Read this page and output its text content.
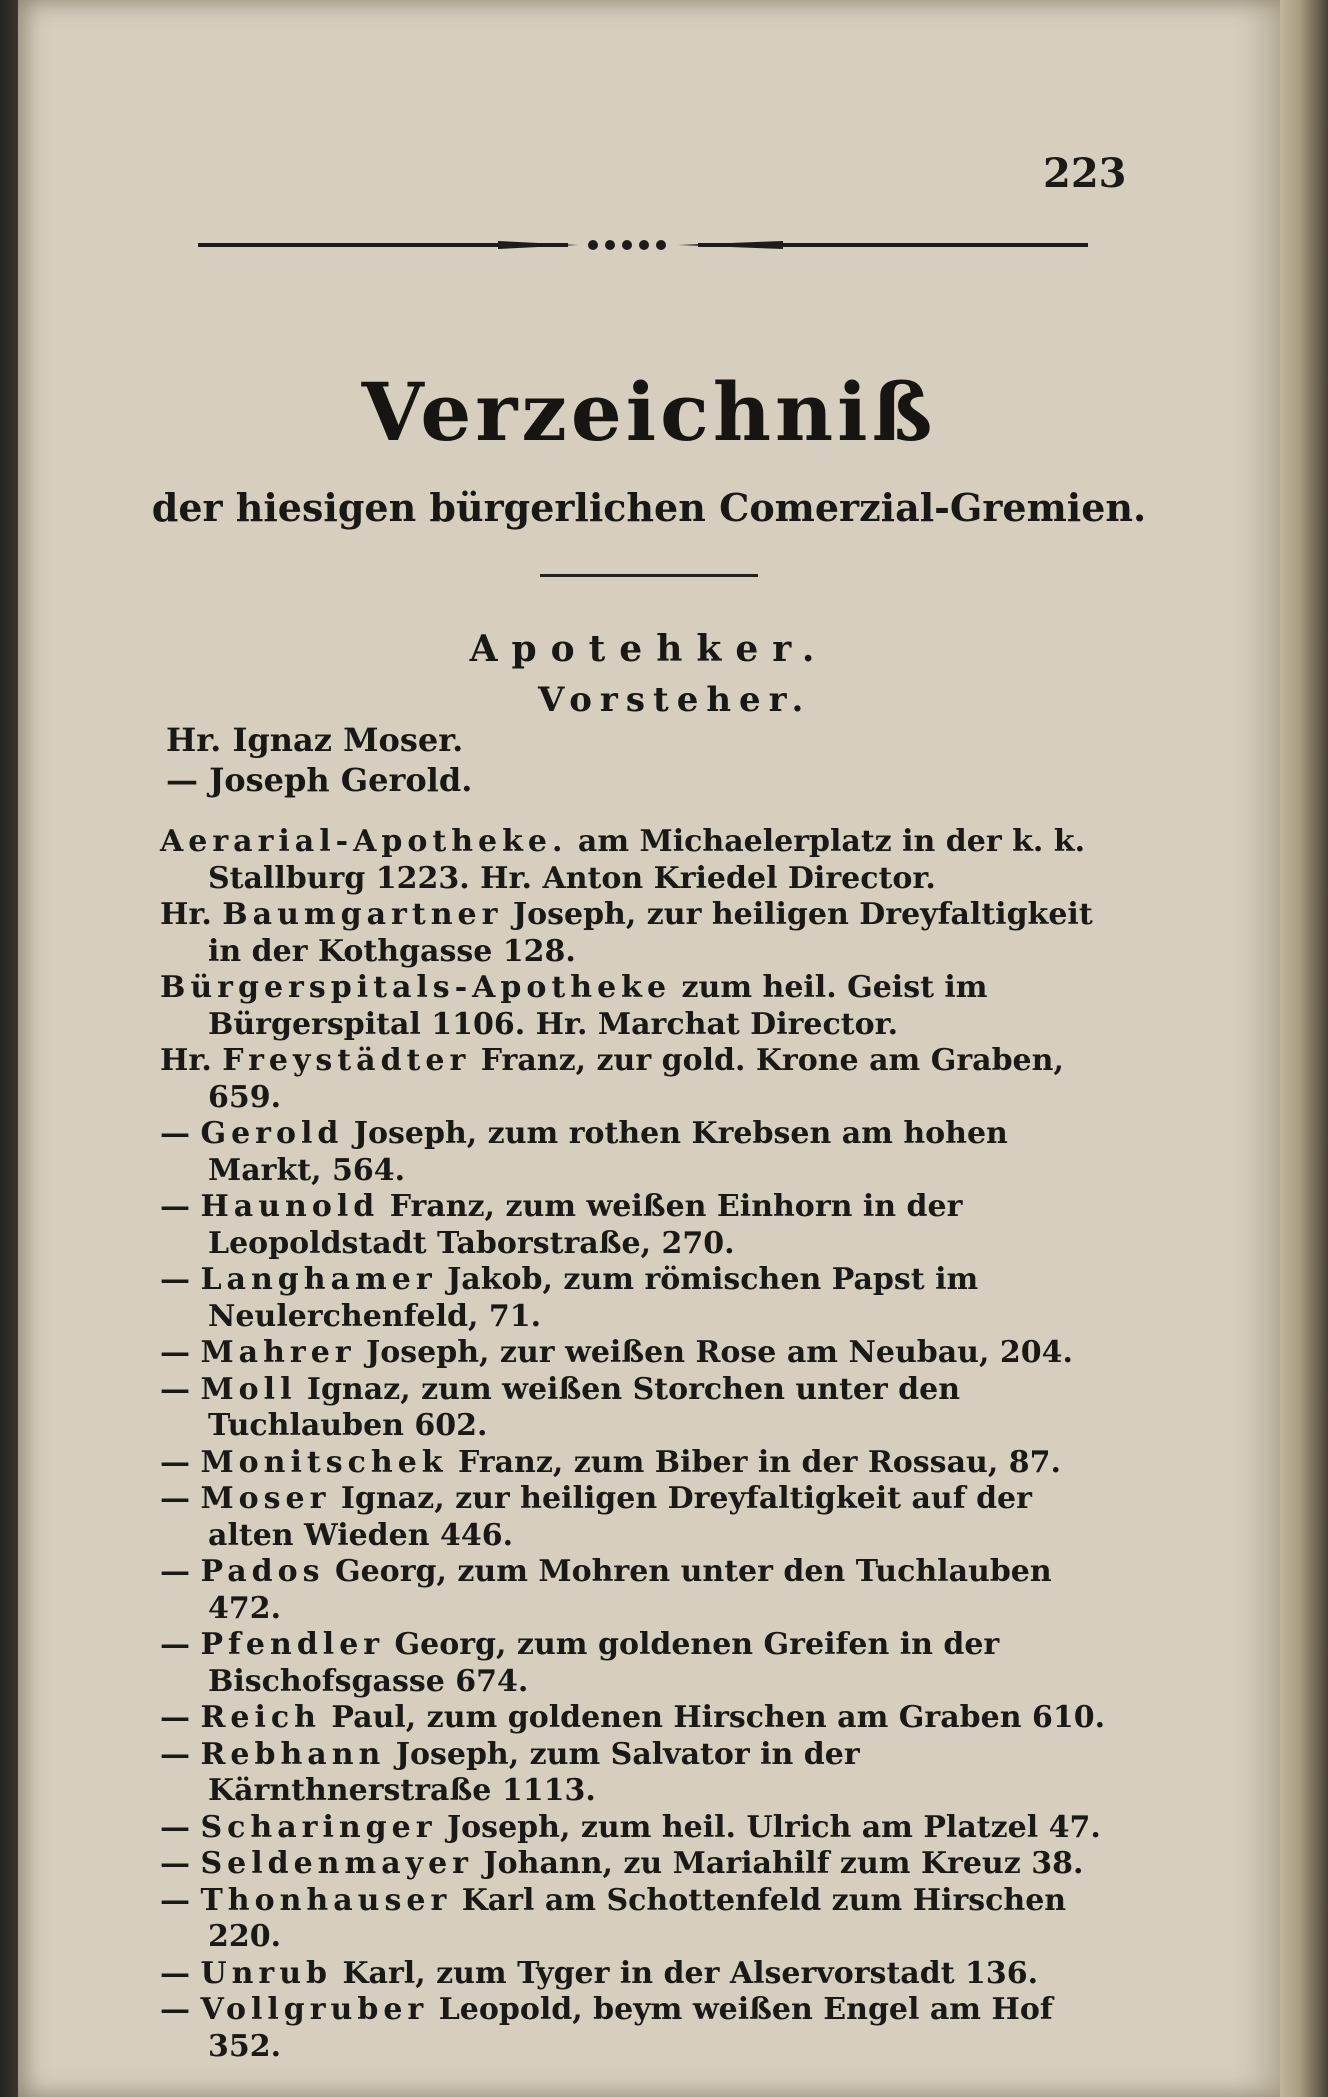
223
Verzeichniß
der hiesigen bürgerlichen Comerzial-Gremien.
Apotehker.
Vorsteher.
Hr. Ignaz Moser.
— Joseph Gerold.

Aerarial-Apotheke. am Michaelerplatz in der k. k. Stallburg 1223. Hr. Anton Kriedel Director.

Hr. Baumgartner Joseph, zur heiligen Dreyfaltigkeit in der Kothgasse 128.

Bürgerspitals-Apotheke zum heil. Geist im Bürgerspital 1106. Hr. Marchat Director.

Hr. Freystädter Franz, zur gold. Krone am Graben, 659.

— Gerold Joseph, zum rothen Krebsen am hohen Markt, 564.

— Haunold Franz, zum weißen Einhorn in der Leopoldstadt Taborstraße, 270.

— Langhamer Jakob, zum römischen Papst im Neulerchenfeld, 71.

— Mahrer Joseph, zur weißen Rose am Neubau, 204.

— Moll Ignaz, zum weißen Storchen unter den Tuchlauben 602.

— Monitschek Franz, zum Biber in der Rossau, 87.

— Moser Ignaz, zur heiligen Dreyfaltigkeit auf der alten Wieden 446.

— Pados Georg, zum Mohren unter den Tuchlauben 472.

— Pfendler Georg, zum goldenen Greifen in der Bischofsgasse 674.

— Reich Paul, zum goldenen Hirschen am Graben 610.

— Rebhann Joseph, zum Salvator in der Kärnthnerstraße 1113.

— Scharinger Joseph, zum heil. Ulrich am Platzel 47.

— Seldenmayer Johann, zu Mariahilf zum Kreuz 38.

— Thonhauser Karl am Schottenfeld zum Hirschen 220.

— Unrub Karl, zum Tyger in der Alservorstadt 136.

— Vollgruber Leopold, beym weißen Engel am Hof 352.
